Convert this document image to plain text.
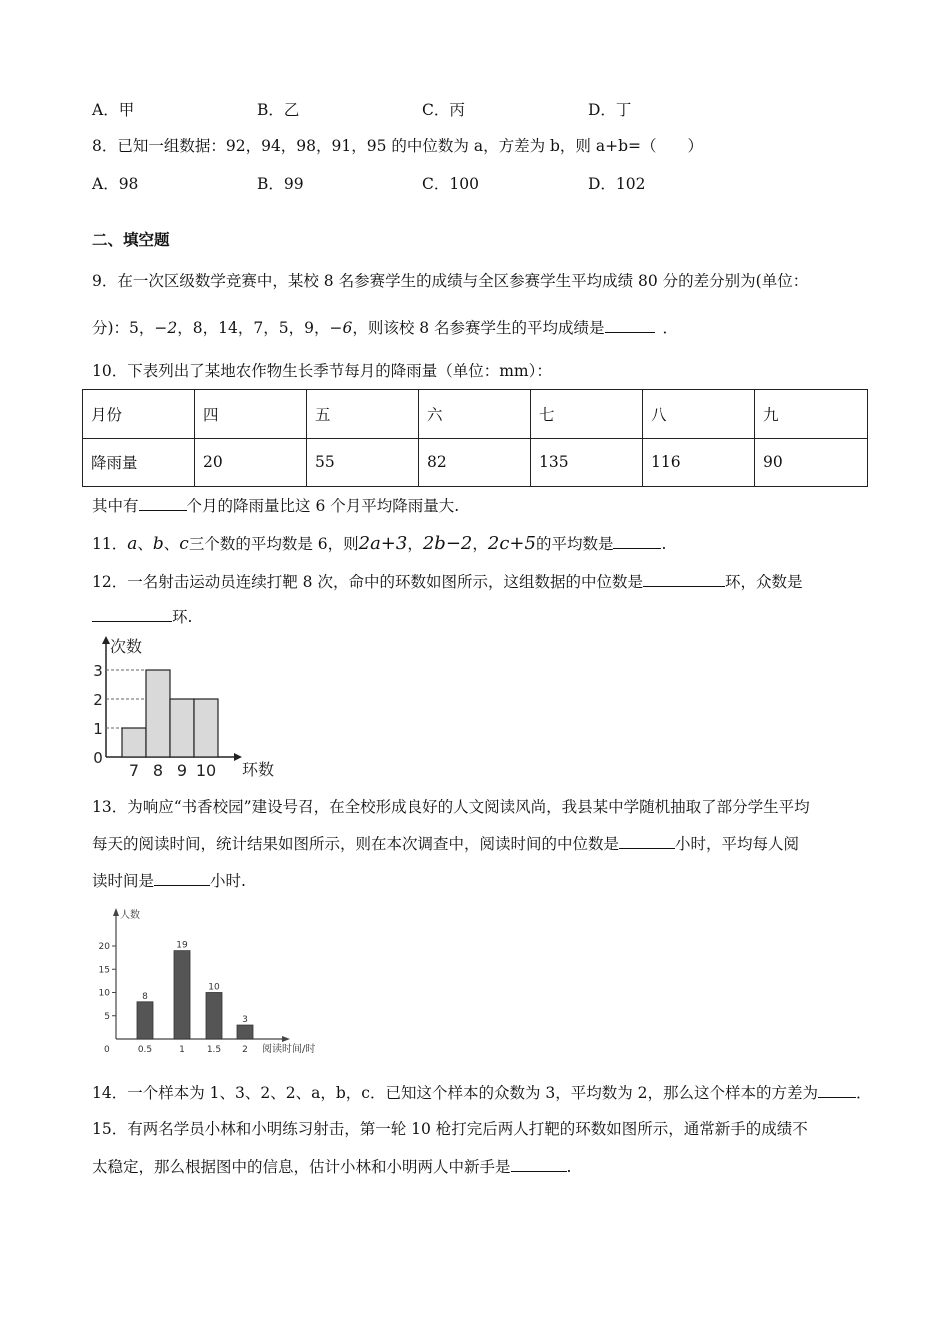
A．甲	B．乙	C．丙	D．丁
8．已知一组数据：92，94，98，91，95 的中位数为 a，方差为 b，则 a+b=（　　）
A．98	B．99	C．100	D．102
二、填空题
9．在一次区级数学竞赛中，某校 8 名参赛学生的成绩与全区参赛学生平均成绩 80 分的差分别为(单位：
分)：5，−2，8，14，7，5，9，−6，则该校 8 名参赛学生的平均成绩是	．
10．下表列出了某地农作物生长季节每月的降雨量（单位：mm）：
月份	四	五	六	七	八	九
降雨量	20	55	82	135	116	90
其中有	个月的降雨量比这 6 个月平均降雨量大.
11．a、b、c三个数的平均数是 6，则2a+3，2b−2，2c+5的平均数是	.
12．一名射击运动员连续打靶 8 次，命中的环数如图所示，这组数据的中位数是	环，众数是
环.
次数
环数
0
1
2
3
7 8 9 10
13．为响应“书香校园”建设号召，在全校形成良好的人文阅读风尚，我县某中学随机抽取了部分学生平均
每天的阅读时间，统计结果如图所示，则在本次调查中，阅读时间的中位数是	小时，平均每人阅
读时间是	小时.
人数
阅读时间/时
0
8
19
10
3
5
10
15
20
0.5	1 1.5 2
14．一个样本为 1、3、2、2、a，b，c．已知这个样本的众数为 3，平均数为 2，那么这个样本的方差为 ．
15．有两名学员小林和小明练习射击，第一轮 10 枪打完后两人打靶的环数如图所示，通常新手的成绩不
太稳定，那么根据图中的信息，估计小林和小明两人中新手是	.
